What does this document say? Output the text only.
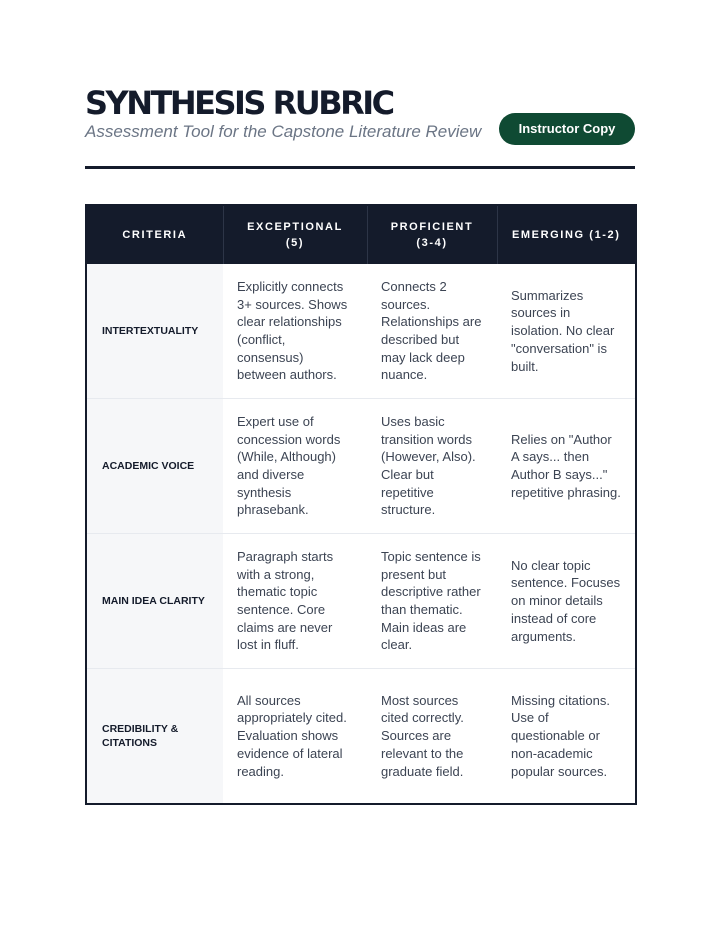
SYNTHESIS RUBRIC
Assessment Tool for the Capstone Literature Review	Instructor Copy
CRITERIA	EXCEPTIONAL (5)	PROFICIENT (3-4)	EMERGING (1-2)
INTERTEXTUALITY	Explicitly connects 3+ sources. Shows clear relationships (conflict, consensus) between authors.	Connects 2 sources. Relationships are described but may lack deep nuance.	Summarizes sources in isolation. No clear "conversation" is built.
ACADEMIC VOICE	Expert use of concession words (While, Although) and diverse synthesis phrasebank.	Uses basic transition words (However, Also). Clear but repetitive structure.	Relies on "Author A says... then Author B says..." repetitive phrasing.
MAIN IDEA CLARITY	Paragraph starts with a strong, thematic topic sentence. Core claims are never lost in fluff.	Topic sentence is present but descriptive rather than thematic. Main ideas are clear.	No clear topic sentence. Focuses on minor details instead of core arguments.
CREDIBILITY & CITATIONS	All sources appropriately cited. Evaluation shows evidence of lateral reading.	Most sources cited correctly. Sources are relevant to the graduate field.	Missing citations. Use of questionable or non-academic popular sources.
